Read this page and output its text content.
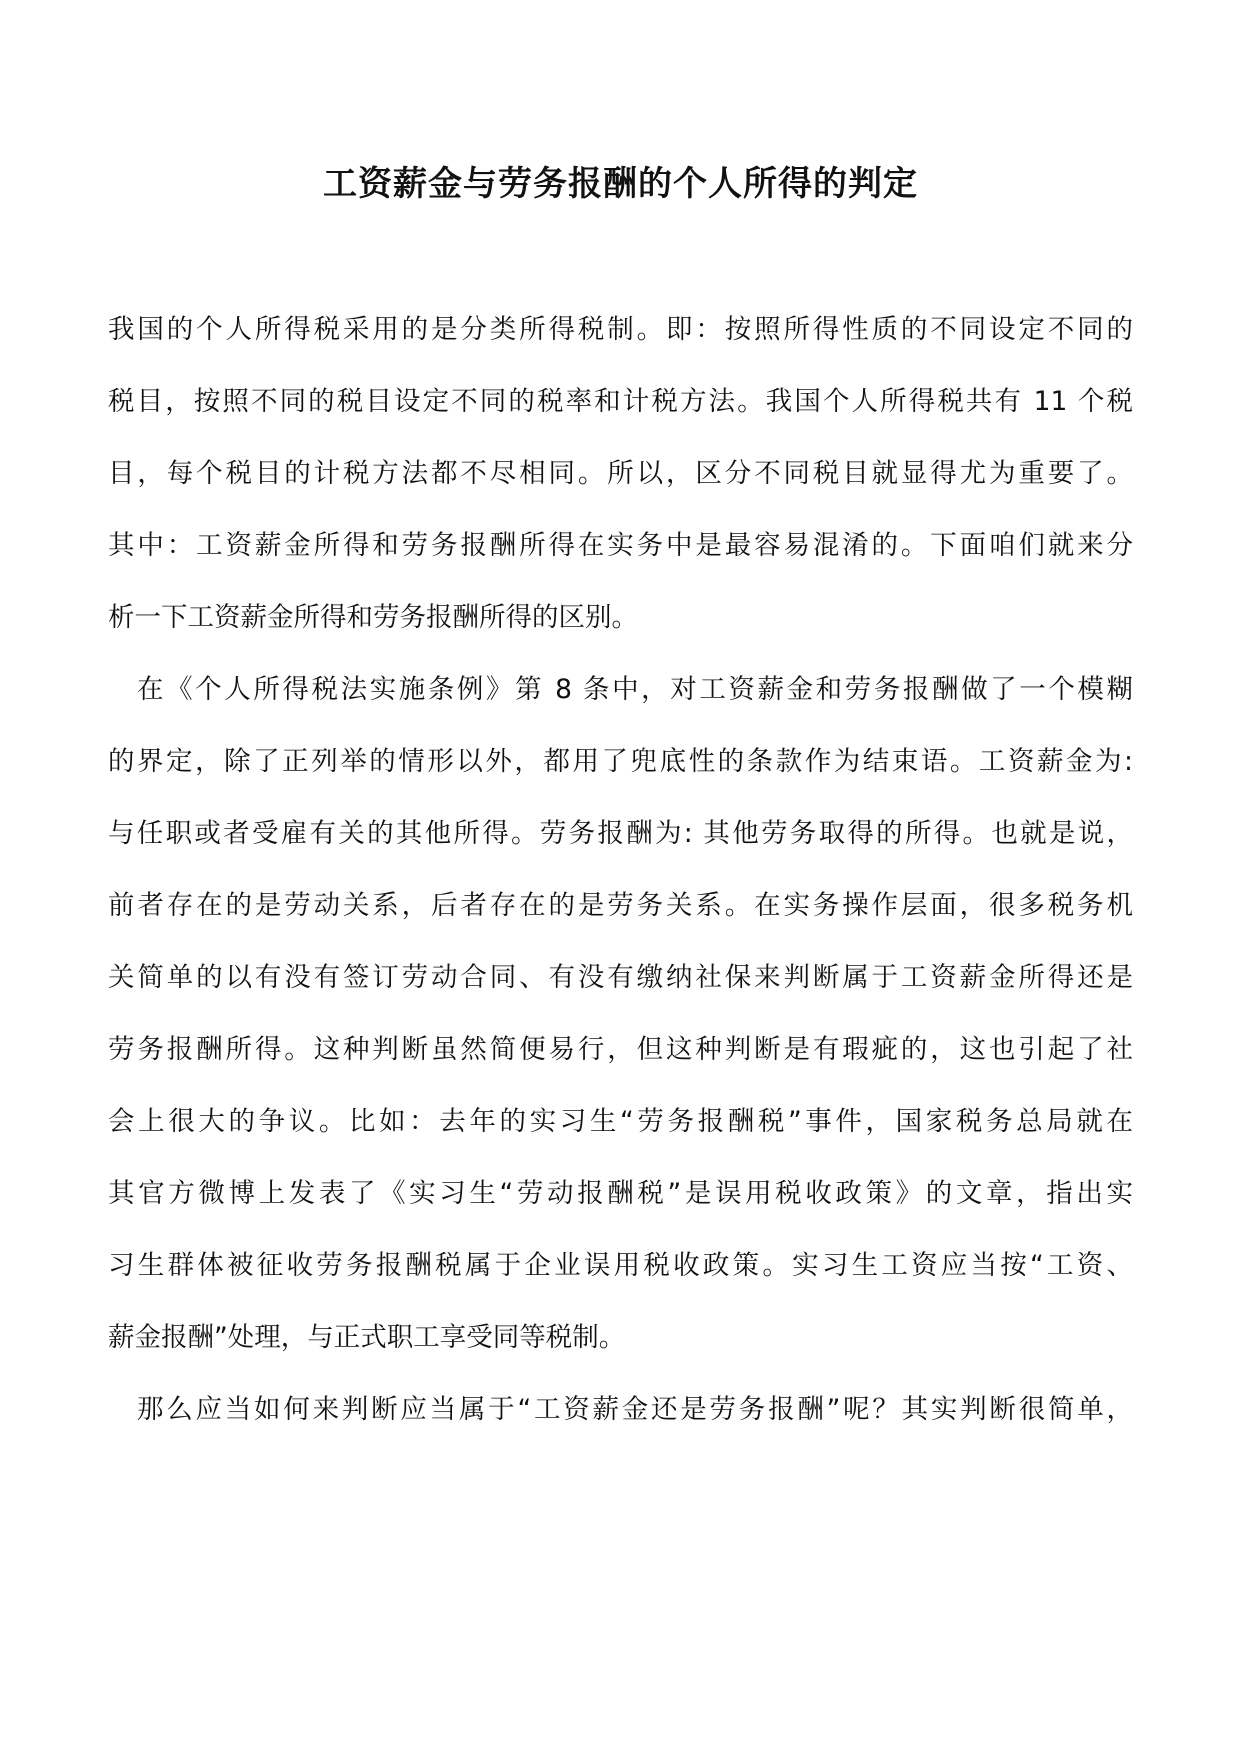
工资薪金与劳务报酬的个人所得的判定

我国的个人所得税采用的是分类所得税制。即：按照所得性质的不同设定不同的

税目，按照不同的税目设定不同的税率和计税方法。我国个人所得税共有 11 个税

目，每个税目的计税方法都不尽相同。所以，区分不同税目就显得尤为重要了。

其中：工资薪金所得和劳务报酬所得在实务中是最容易混淆的。下面咱们就来分

析一下工资薪金所得和劳务报酬所得的区别。

在《个人所得税法实施条例》第 8 条中，对工资薪金和劳务报酬做了一个模糊

的界定，除了正列举的情形以外，都用了兜底性的条款作为结束语。工资薪金为:

与任职或者受雇有关的其他所得。劳务报酬为: 其他劳务取得的所得。也就是说，

前者存在的是劳动关系，后者存在的是劳务关系。在实务操作层面，很多税务机

关简单的以有没有签订劳动合同、有没有缴纳社保来判断属于工资薪金所得还是

劳务报酬所得。这种判断虽然简便易行，但这种判断是有瑕疵的，这也引起了社

会上很大的争议。比如：去年的实习生“劳务报酬税”事件，国家税务总局就在

其官方微博上发表了《实习生“劳动报酬税”是误用税收政策》的文章，指出实

习生群体被征收劳务报酬税属于企业误用税收政策。实习生工资应当按“工资、

薪金报酬”处理，与正式职工享受同等税制。

那么应当如何来判断应当属于“工资薪金还是劳务报酬”呢？其实判断很简单，
